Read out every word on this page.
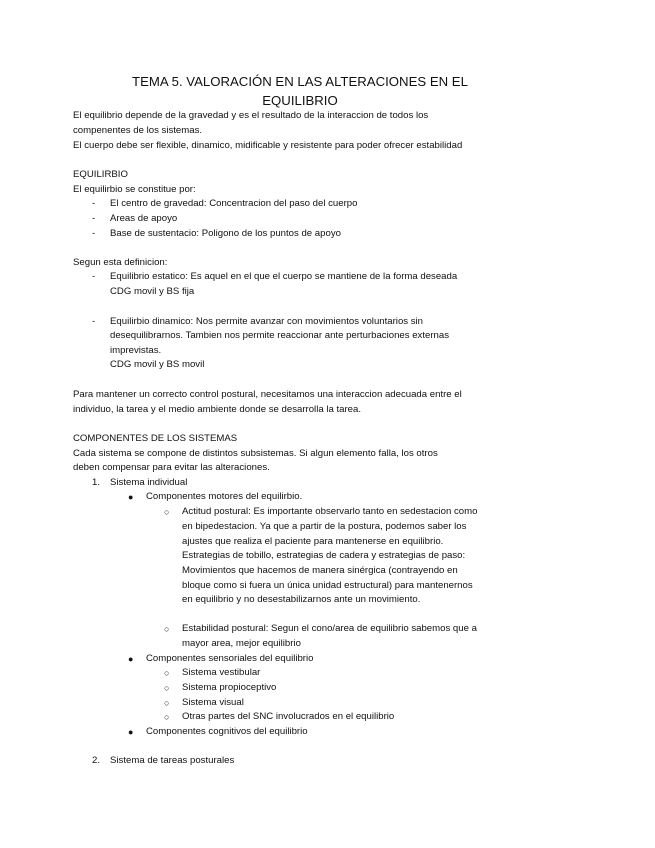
TEMA 5. VALORACIÓN EN LAS ALTERACIONES EN EL
EQUILIBRIO
El equilibrio depende de la gravedad y es el resultado de la interaccion de todos los
compenentes de los sistemas.
El cuerpo debe ser flexible, dinamico, midificable y resistente para poder ofrecer estabilidad
EQUILIRBIO
El equilirbio se constitue por:
- El centro de gravedad: Concentracion del paso del cuerpo
- Areas de apoyo
- Base de sustentacio: Poligono de los puntos de apoyo
Segun esta definicion:
- Equilibrio estatico: Es aquel en el que el cuerpo se mantiene de la forma deseada
CDG movil y BS fija
- Equilirbio dinamico: Nos permite avanzar con movimientos voluntarios sin
desequilibrarnos. Tambien nos permite reaccionar ante perturbaciones externas
imprevistas.
CDG movil y BS movil
Para mantener un correcto control postural, necesitamos una interaccion adecuada entre el
individuo, la tarea y el medio ambiente donde se desarrolla la tarea.
COMPONENTES DE LOS SISTEMAS
Cada sistema se compone de distintos subsistemas. Si algun elemento falla, los otros
deben compensar para evitar las alteraciones.
1. Sistema individual
● Componentes motores del equilirbio.
○ Actitud postural: Es importante observarlo tanto en sedestacion como
en bipedestacion. Ya que a partir de la postura, podemos saber los
ajustes que realiza el paciente para mantenerse en equilibrio.
Estrategias de tobillo, estrategias de cadera y estrategias de paso:
Movimientos que hacemos de manera sinérgica (contrayendo en
bloque como si fuera un única unidad estructural) para mantenernos
en equilibrio y no desestabilizarnos ante un movimiento.
○ Estabilidad postural: Segun el cono/area de equilibrio sabemos que a
mayor area, mejor equilibrio
● Componentes sensoriales del equilibrio
○ Sistema vestibular
○ Sistema propioceptivo
○ Sistema visual
○ Otras partes del SNC involucrados en el equilibrio
● Componentes cognitivos del equilibrio
2. Sistema de tareas posturales
